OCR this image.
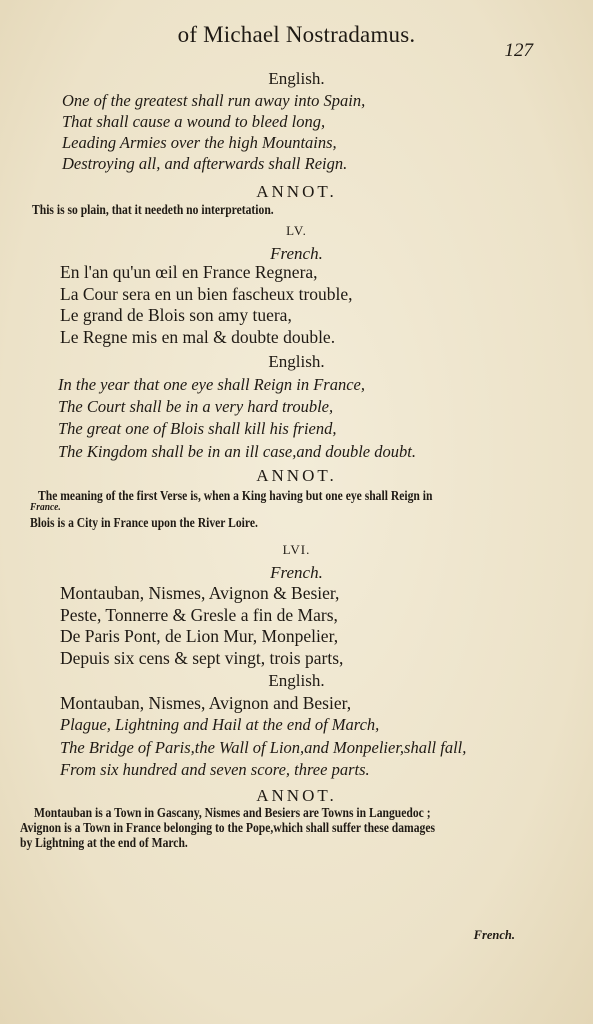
of Michael Nostradamus.
127
English.
One of the greatest shall run away into Spain,
That shall cause a wound to bleed long,
Leading Armies over the high Mountains,
Destroying all, and afterwards shall Reign.
ANNOT.
This is so plain, that it needeth no interpretation.
LV.
French.
En l'an qu'un œil en France Regnera,
La Cour sera en un bien fascheux trouble,
Le grand de Blois son amy tuera,
Le Regne mis en mal & doubte double.
English.
In the year that one eye shall Reign in France,
The Court shall be in a very hard trouble,
The great one of Blois shall kill his friend,
The Kingdom shall be in an ill case,and double doubt.
ANNOT.
The meaning of the first Verse is, when a King having but one eye shall Reign in
France.
Blois is a City in France upon the River Loire.
LVI.
French.
Montauban, Nismes, Avignon & Besier,
Peste, Tonnerre & Gresle a fin de Mars,
De Paris Pont, de Lion Mur, Monpelier,
Depuis six cens & sept vingt, trois parts,
English.
Montauban, Nismes, Avignon and Besier,
Plague, Lightning and Hail at the end of March,
The Bridge of Paris,the Wall of Lion,and Monpelier,shall fall,
From six hundred and seven score, three parts.
ANNOT.
Montauban is a Town in Gascany, Nismes and Besiers are Towns in Languedoc ;
Avignon is a Town in France belonging to the Pope,which shall suffer these damages
by Lightning at the end of March.
French.
